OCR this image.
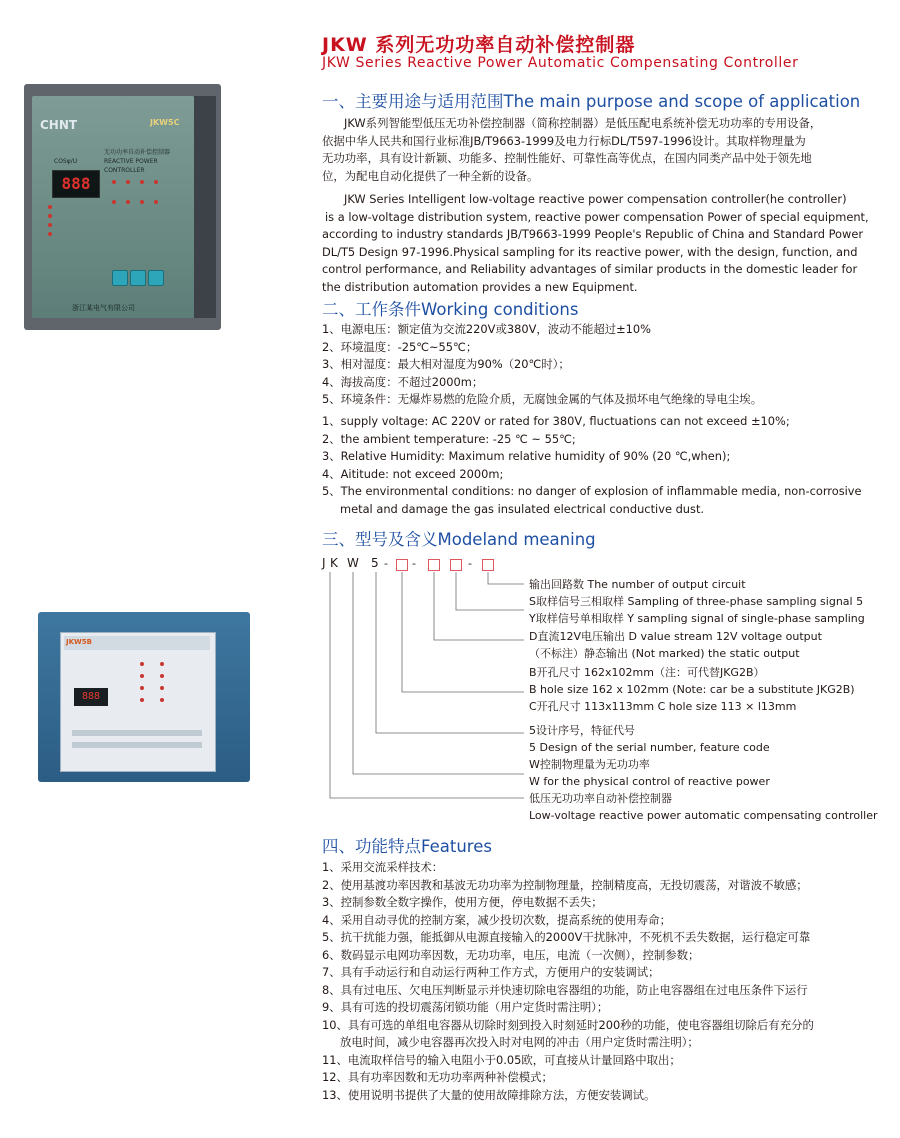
JKW 系列无功功率自动补偿控制器
JKW Series Reactive Power Automatic Compensating Controller
CHNT	JKW5C
COSφ/U
888
无功功率自动补偿控制器
REACTIVE POWER CONTROLLER
浙江某电气有限公司
JKW5B
888
一、主要用途与适用范围The main purpose and scope of application
JKW系列智能型低压无功补偿控制器（简称控制器）是低压配电系统补偿无功功率的专用设备，
依据中华人民共和国行业标准JB/T9663-1999及电力行标DL/T597-1996设计。其取样物理量为
无功功率，具有设计新颖、功能多、控制性能好、可靠性高等优点，在国内同类产品中处于领先地
位，为配电自动化提供了一种全新的设备。
JKW Series Intelligent low-voltage reactive power compensation controller(he controller)
is a low-voltage distribution system, reactive power compensation Power of special equipment,
according to industry standards JB/T9663-1999 People's Republic of China and Standard Power
DL/T5 Design 97-1996.Physical sampling for its reactive power, with the design, function, and
control performance, and Reliability advantages of similar products in the domestic leader for
the distribution automation provides a new Equipment.
二、工作条件Working conditions
1、电源电压：额定值为交流220V或380V，波动不能超过±10%
2、环境温度：-25℃~55℃；
3、相对湿度：最大相对湿度为90%（20℃时）；
4、海拔高度：不超过2000m；
5、环境条件：无爆炸易燃的危险介质，无腐蚀金属的气体及损坏电气绝缘的导电尘埃。
1、supply voltage: AC 220V or rated for 380V, fluctuations can not exceed ±10%;
2、the ambient temperature: -25 ℃ ~ 55℃;
3、Relative Humidity: Maximum relative humidity of 90% (20 ℃,when);
4、Aititude: not exceed 2000m;
5、The environmental conditions: no danger of explosion of inflammable media, non-corrosive
metal and damage the gas insulated electrical conductive dust.
三、型号及含义Modeland meaning
J K W 5 - -	-
输出回路数 The number of output circuit
S取样信号三相取样 Sampling of three-phase sampling signal 5
Y取样信号单相取样 Y sampling signal of single-phase sampling
D直流12V电压输出 D value stream 12V voltage output
（不标注）静态输出 (Not marked) the static output
B开孔尺寸 162x102mm（注：可代替JKG2B）
B hole size 162 x 102mm (Note: car be a substitute JKG2B)
C开孔尺寸 113x113mm C hole size 113 × l13mm
5设计序号，特征代号
5 Design of the serial number, feature code
W控制物理量为无功功率
W for the physical control of reactive power
低压无功功率自动补偿控制器
Low-voltage reactive power automatic compensating controller
四、功能特点Features
1、采用交流采样技术：
2、使用基渡功率因教和基波无功功率为控制物理量，控制精度高，无投切震荡，对谐波不敏感；
3、控制参数全数字操作，使用方便，停电数据不丢失；
4、采用自动寻优的控制方案，减少投切次数，提高系统的使用寿命；
5、抗干扰能力强，能抵御从电源直接输入的2000V干扰脉冲，不死机不丢失数据，运行稳定可靠
6、数码显示电网功率因数，无功功率，电压，电流（一次侧），控制参数；
7、具有手动运行和自动运行两种工作方式，方便用户的安装调试；
8、具有过电压、欠电压判断显示并快速切除电容器组的功能，防止电容器组在过电压条件下运行
9、具有可选的投切震荡闭锁功能（用户定货时需注明）；
10、具有可选的单组电容器从切除时刻到投入时刻延时200秒的功能，使电容器组切除后有充分的
放电时间，减少电容器再次投入时对电网的冲击（用户定货时需注明）；
11、电流取样信号的输入电阻小于0.05欧，可直接从计量回路中取出；
12、具有功率因数和无功功率两种补偿模式；
13、使用说明书提供了大量的使用故障排除方法，方便安装调试。
